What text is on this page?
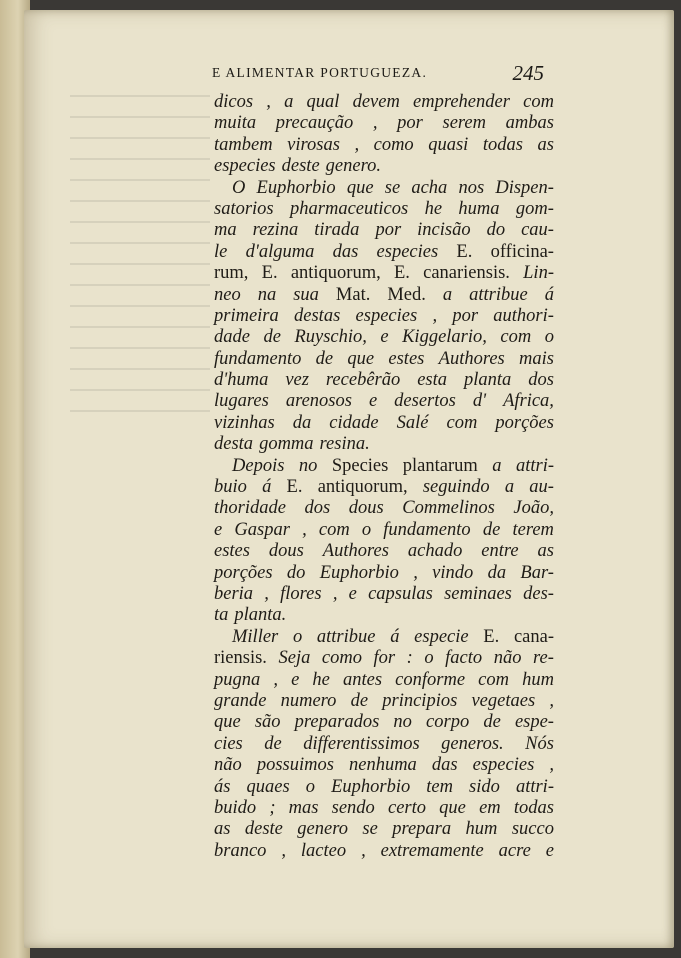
E ALIMENTAR PORTUGUEZA.	245
dicos , a qual devem emprehender com
muita precaução , por serem ambas
tambem virosas , como quasi todas as
especies deste genero.
O Euphorbio que se acha nos Dispen-
satorios pharmaceuticos he huma gom-
ma rezina tirada por incisão do cau-
le d'alguma das especies E. officina-
rum, E. antiquorum, E. canariensis. Lin-
neo na sua Mat. Med. a attribue á
primeira destas especies , por authori-
dade de Ruyschio, e Kiggelario, com o
fundamento de que estes Authores mais
d'huma vez recebêrão esta planta dos
lugares arenosos e desertos d' Africa,
vizinhas da cidade Salé com porções
desta gomma resina.
Depois no Species plantarum a attri-
buio á E. antiquorum, seguindo a au-
thoridade dos dous Commelinos João,
e Gaspar , com o fundamento de terem
estes dous Authores achado entre as
porções do Euphorbio , vindo da Bar-
beria , flores , e capsulas seminaes des-
ta planta.
Miller o attribue á especie E. cana-
riensis. Seja como for : o facto não re-
pugna , e he antes conforme com hum
grande numero de principios vegetaes ,
que são preparados no corpo de espe-
cies de differentissimos generos. Nós
não possuimos nenhuma das especies ,
ás quaes o Euphorbio tem sido attri-
buido ; mas sendo certo que em todas
as deste genero se prepara hum succo
branco , lacteo , extremamente acre e
